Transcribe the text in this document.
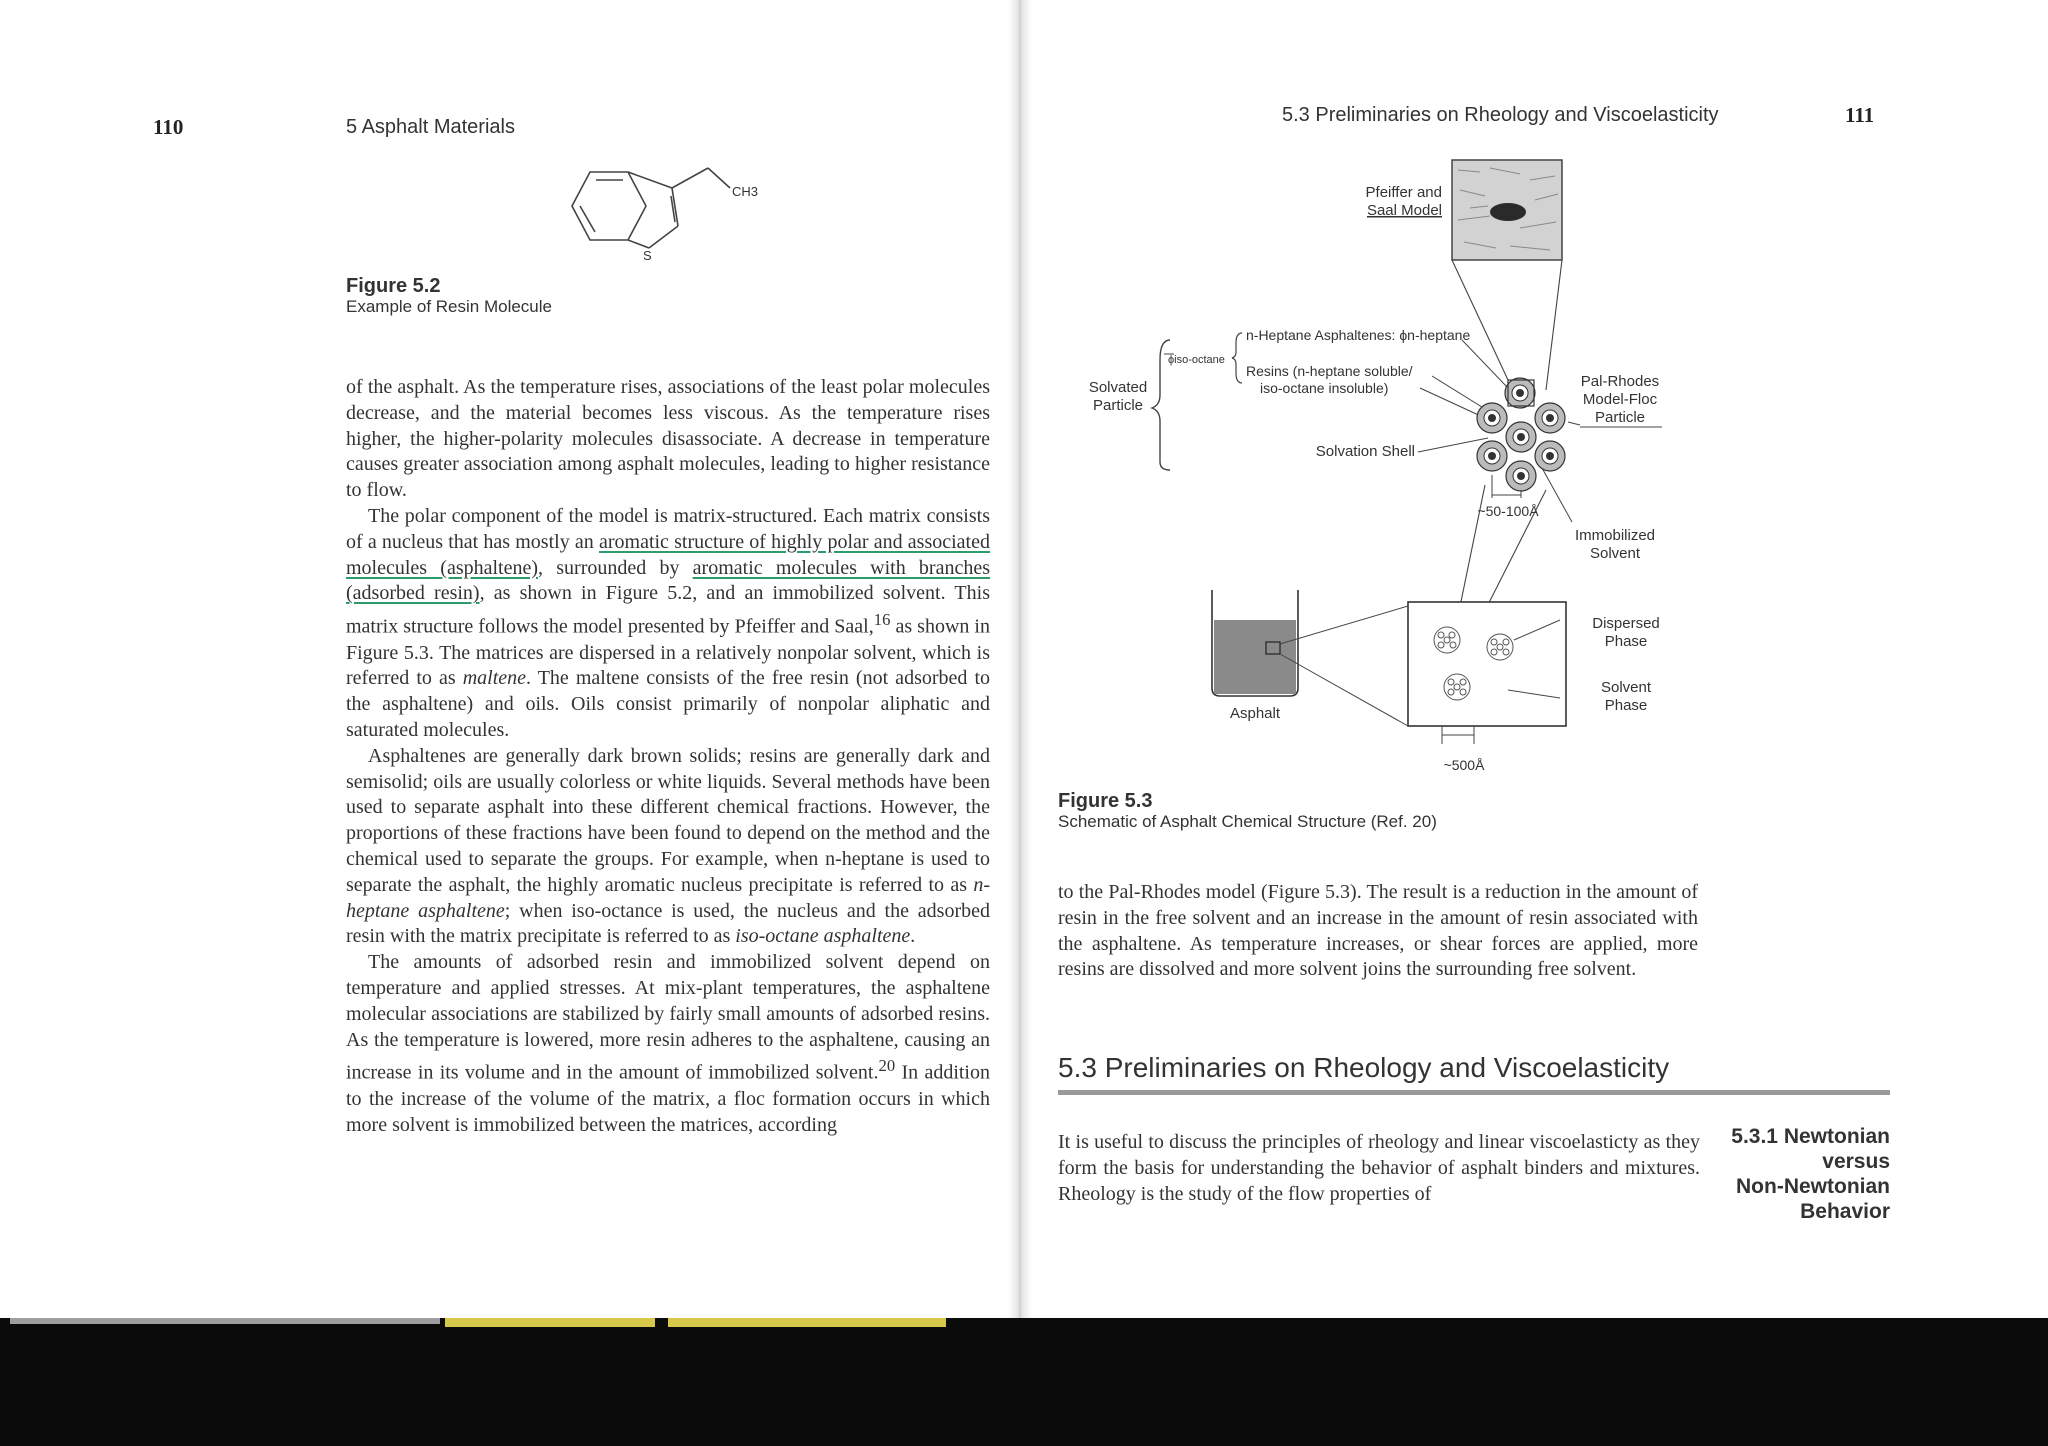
110	5 Asphalt Materials
CH3
S
Figure 5.2
Example of Resin Molecule

of the asphalt. As the temperature rises, associations of the least polar molecules decrease, and the material becomes less viscous. As the temperature rises higher, the higher-polarity molecules disassociate. A decrease in temperature causes greater association among asphalt molecules, leading to higher resistance to flow.

The polar component of the model is matrix-structured. Each matrix consists of a nucleus that has mostly an aromatic structure of highly polar and associated molecules (asphaltene), surrounded by aromatic molecules with branches (adsorbed resin), as shown in Figure 5.2, and an immobilized solvent. This matrix structure follows the model presented by Pfeiffer and Saal,$^{16}$ as shown in Figure 5.3. The matrices are dispersed in a relatively nonpolar solvent, which is referred to as maltene. The maltene consists of the free resin (not adsorbed to the asphaltene) and oils. Oils consist primarily of nonpolar aliphatic and saturated molecules.

Asphaltenes are generally dark brown solids; resins are generally dark and semisolid; oils are usually colorless or white liquids. Several methods have been used to separate asphalt into these different chemical fractions. However, the proportions of these fractions have been found to depend on the method and the chemical used to separate the groups. For example, when n-heptane is used to separate the asphalt, the highly aromatic nucleus precipitate is referred to as n-heptane asphaltene; when iso-octance is used, the nucleus and the adsorbed resin with the matrix precipitate is referred to as iso-octane asphaltene.

The amounts of adsorbed resin and immobilized solvent depend on temperature and applied stresses. At mix-plant temperatures, the asphaltene molecular associations are stabilized by fairly small amounts of adsorbed resins. As the temperature is lowered, more resin adheres to the asphaltene, causing an increase in its volume and in the amount of immobilized solvent.$^{20}$ In addition to the increase of the volume of the matrix, a floc formation occurs in which more solvent is immobilized between the matrices, according

5.3 Preliminaries on Rheology and Viscoelasticity	111
Pfeiffer and
Saal Model
Solvated
Particle
ϕiso-octane
n-Heptane Asphaltenes: ϕn-heptane
Resins (n-heptane soluble/
iso-octane insoluble)
Solvation Shell
Pal-Rhodes
Model-Floc
Particle
~50-100Å
Immobilized
Solvent
Dispersed
Phase
Solvent
Phase
~500Å
Asphalt
Figure 5.3
Schematic of Asphalt Chemical Structure (Ref. 20)

to the Pal-Rhodes model (Figure 5.3). The result is a reduction in the amount of resin in the free solvent and an increase in the amount of resin associated with the asphaltene. As temperature increases, or shear forces are applied, more resins are dissolved and more solvent joins the surrounding free solvent.

5.3 Preliminaries on Rheology and Viscoelasticity

It is useful to discuss the principles of rheology and linear viscoelasticty as they form the basis for understanding the behavior of asphalt binders and mixtures. Rheology is the study of the flow properties of

5.3.1 Newtonian
versus
Non-Newtonian
Behavior
